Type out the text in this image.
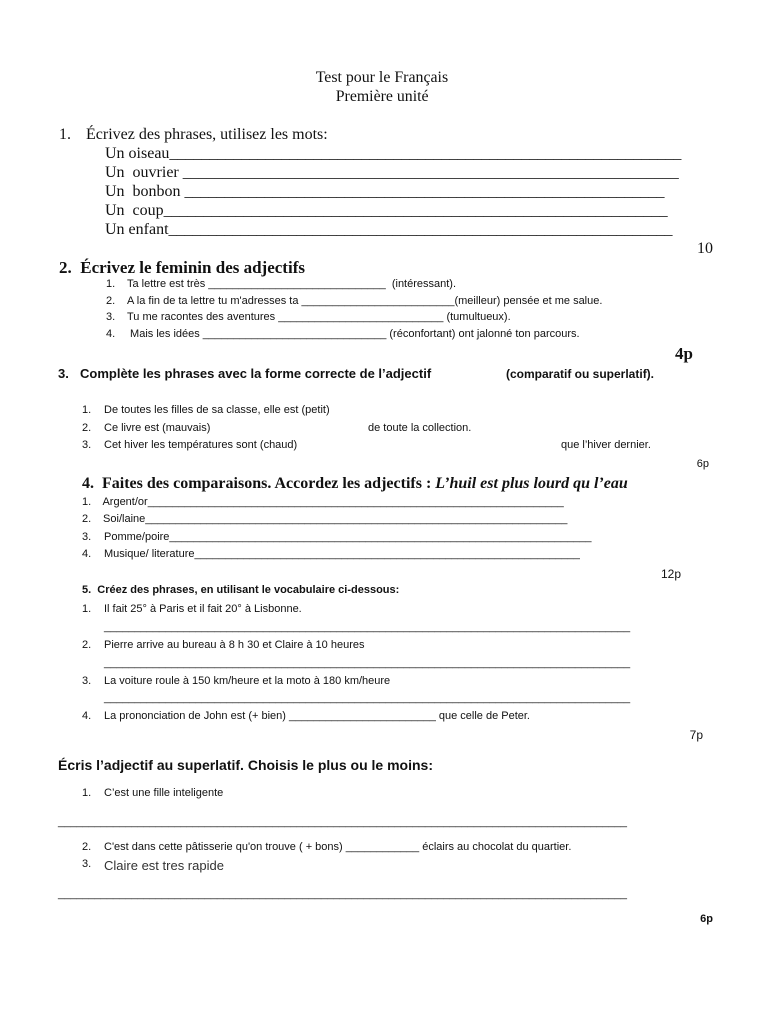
Test pour le Français
Première unité
1. Écrivez des phrases, utilisez les mots:
Un oiseau________________________________________________________________
Un  ouvrier ______________________________________________________________
Un  bonbon ____________________________________________________________
Un  coup_______________________________________________________________
Un enfant_______________________________________________________________
10
2.  Écrivez le feminin des adjectifs
1. Ta lettre est très _____________________________  (intéressant).
2. A la fin de ta lettre tu m'adresses ta _________________________(meilleur) pensée et me salue.
3. Tu me racontes des aventures ___________________________ (tumultueux).
4. Mais les idées ______________________________ (réconfortant) ont jalonné ton parcours.
4p
3. Complète les phrases avec la forme correcte de l’adjectif	(comparatif ou superlatif).
1. De toutes les filles de sa classe, elle est (petit)
2. Ce livre est (mauvais)	de toute la collection.
3. Cet hiver les températures sont (chaud)	que l’hiver dernier.
6p
4.  Faites des comparaisons. Accordez les adjectifs : L’huil est plus lourd qu l’eau
1. Argent/or____________________________________________________________________
2. Soi/laine_____________________________________________________________________
3. Pomme/poire_____________________________________________________________________
4. Musique/ literature_______________________________________________________________
12p
5.  Créez des phrases, en utilisant le vocabulaire ci-dessous:
1. Il fait 25° à Paris et il fait 20° à Lisbonne.
______________________________________________________________________________________
2. Pierre arrive au bureau à 8 h 30 et Claire à 10 heures
______________________________________________________________________________________
3. La voiture roule à 150 km/heure et la moto à 180 km/heure
______________________________________________________________________________________
4. La prononciation de John est (+ bien) ________________________ que celle de Peter.
7p
Écris l’adjectif au superlatif. Choisis le plus ou le moins:
1. C’est une fille inteligente
_____________________________________________________________________________________________
2. C'est dans cette pâtisserie qu'on trouve ( + bons) ____________ éclairs au chocolat du quartier.
3. Claire est tres rapide
_____________________________________________________________________________________________
6p
